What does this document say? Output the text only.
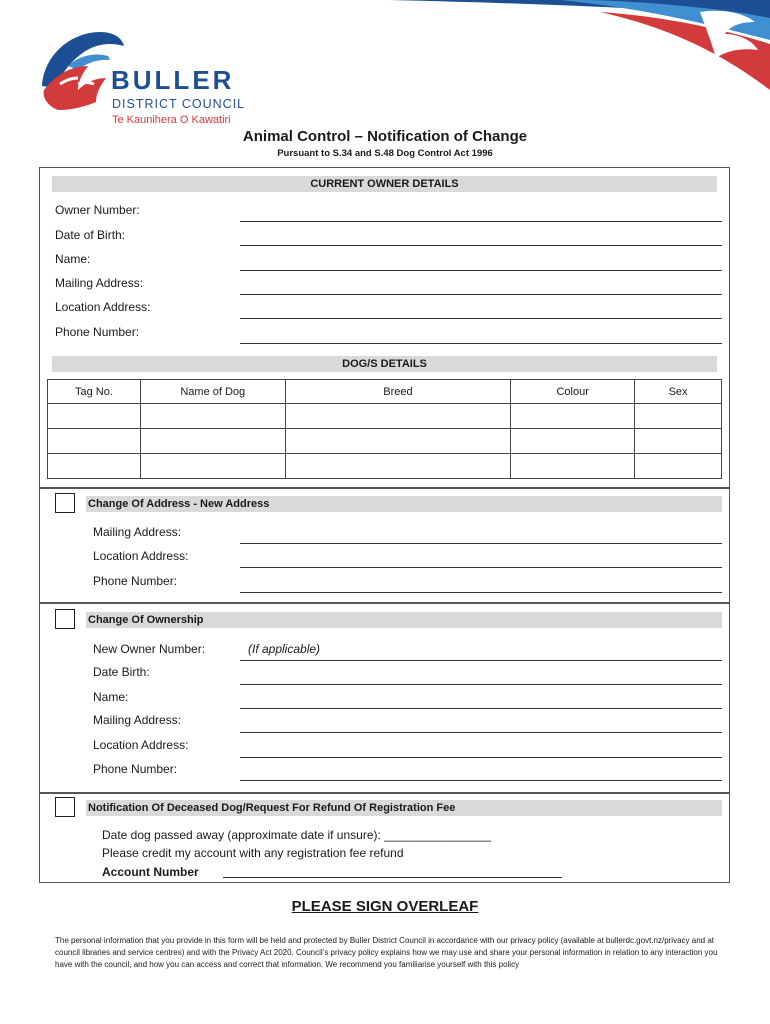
BULLER
DISTRICT COUNCIL
Te Kaunihera O Kawatiri
Animal Control – Notification of Change
Pursuant to S.34 and S.48 Dog Control Act 1996
CURRENT OWNER DETAILS
Owner Number:
Date of Birth:
Name:
Mailing Address:
Location Address:
Phone Number:
DOG/S DETAILS
Tag No.	Name of Dog	Breed	Colour	Sex

Change Of Address - New Address
Mailing Address:
Location Address:
Phone Number:
Change Of Ownership
New Owner Number:	(If applicable)
Date Birth:
Name:
Mailing Address:
Location Address:
Phone Number:
Notification Of Deceased Dog/Request For Refund Of Registration Fee
Date dog passed away (approximate date if unsure): ________________
Please credit my account with any registration fee refund
Account Number
PLEASE SIGN OVERLEAF
The personal information that you provide in this form will be held and protected by Buller District Council in accordance with our privacy policy (available at bullerdc.govt.nz/privacy and at council libraries and service centres) and with the Privacy Act 2020. Council’s privacy policy explains how we may use and share your personal information in relation to any interaction you have with the council, and how you can access and correct that information. We recommend you familiarise yourself with this policy
